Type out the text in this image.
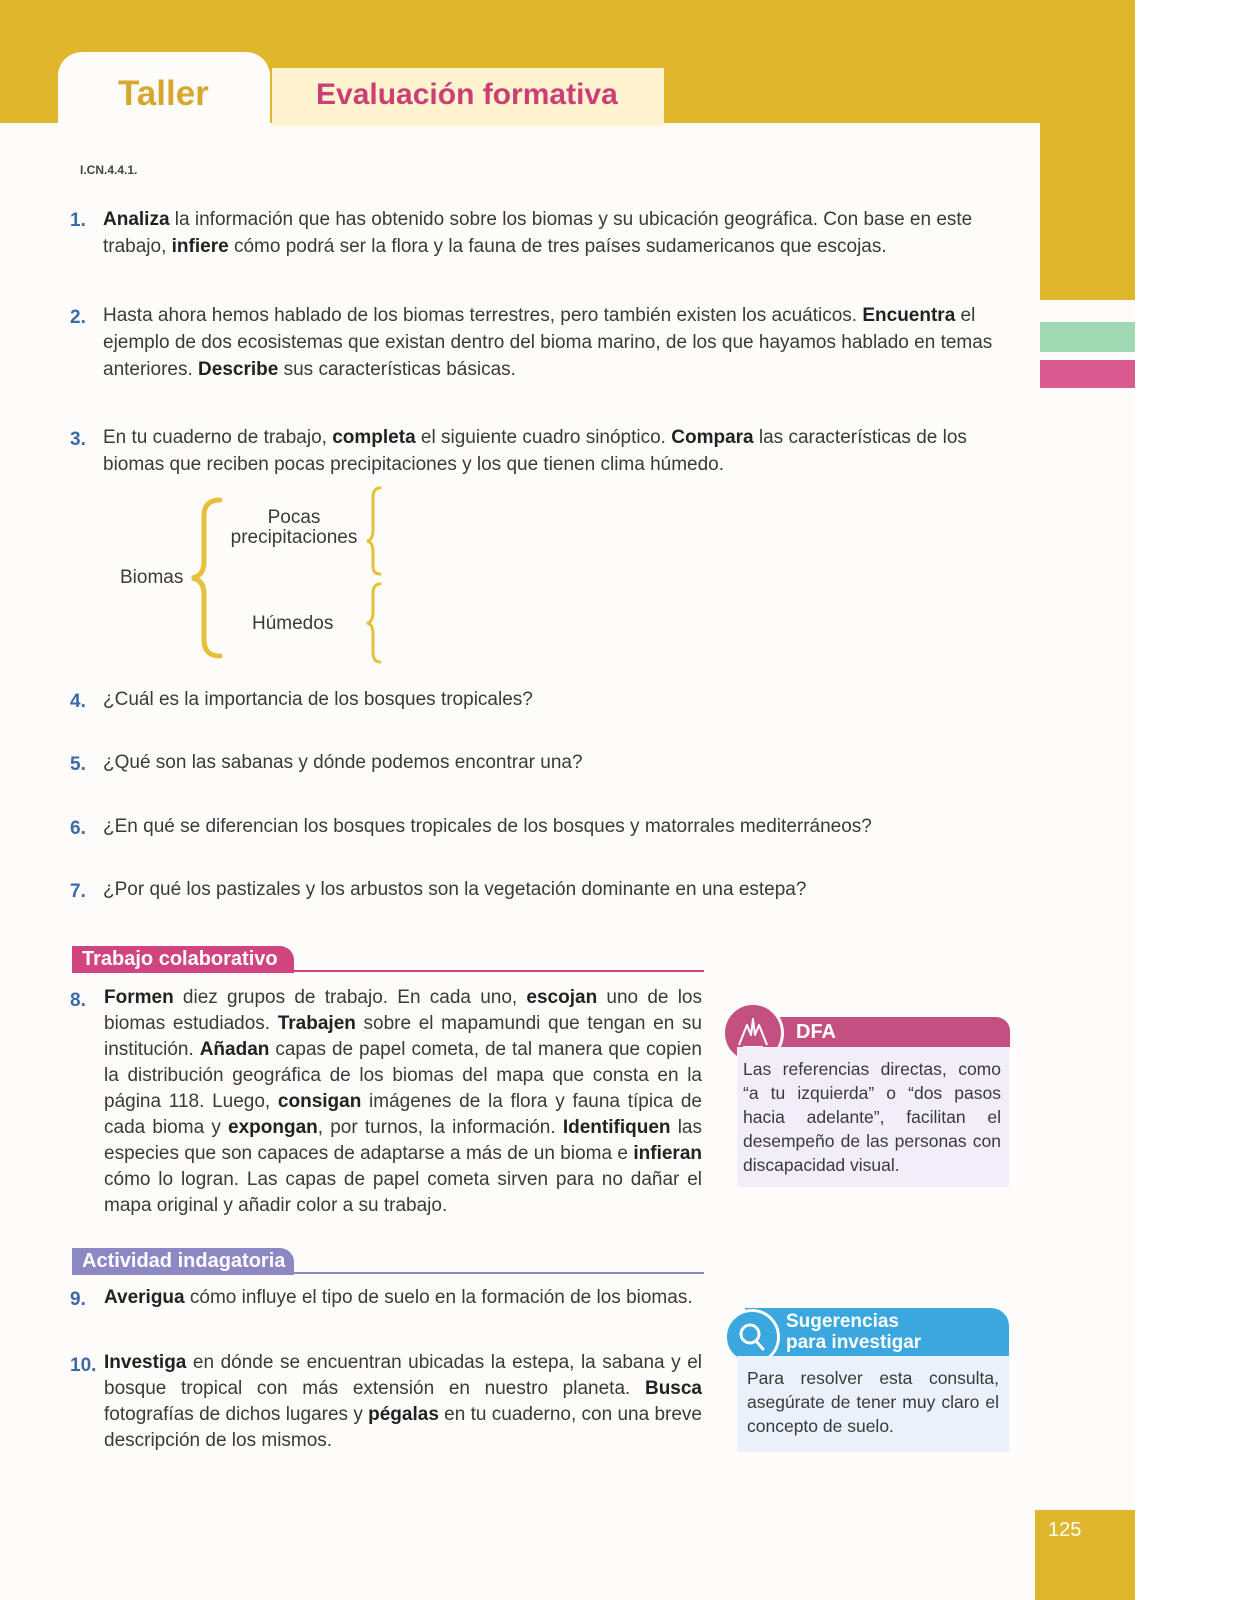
Taller	Evaluación formativa
I.CN.4.4.1.
1. Analiza la información que has obtenido sobre los biomas y su ubicación geográfica. Con base en este trabajo, infiere cómo podrá ser la flora y la fauna de tres países sudamericanos que escojas.
2. Hasta ahora hemos hablado de los biomas terrestres, pero también existen los acuáticos. Encuentra el ejemplo de dos ecosistemas que existan dentro del bioma marino, de los que hayamos hablado en temas anteriores. Describe sus características básicas.
3. En tu cuaderno de trabajo, completa el siguiente cuadro sinóptico. Compara las características de los biomas que reciben pocas precipitaciones y los que tienen clima húmedo.
Biomas
Pocas
precipitaciones
Húmedos
4. ¿Cuál es la importancia de los bosques tropicales?
5. ¿Qué son las sabanas y dónde podemos encontrar una?
6. ¿En qué se diferencian los bosques tropicales de los bosques y matorrales mediterráneos?
7. ¿Por qué los pastizales y los arbustos son la vegetación dominante en una estepa?
Trabajo colaborativo
8. Formen diez grupos de trabajo. En cada uno, escojan uno de los biomas estudiados. Trabajen sobre el mapamundi que tengan en su institución. Añadan capas de papel cometa, de tal manera que copien la distribución geográfica de los biomas del mapa que consta en la página 118. Luego, consigan imágenes de la flora y fauna típica de cada bioma y expongan, por turnos, la información. Identifiquen las especies que son capaces de adaptarse a más de un bioma e infieran cómo lo logran. Las capas de papel cometa sirven para no dañar el mapa original y añadir color a su trabajo.
Actividad indagatoria
9. Averigua cómo influye el tipo de suelo en la formación de los biomas.
10. Investiga en dónde se encuentran ubicadas la estepa, la sabana y el bosque tropical con más extensión en nuestro planeta. Busca fotografías de dichos lugares y pégalas en tu cuaderno, con una breve descripción de los mismos.
DFA
Las referencias directas, como “a tu izquierda” o “dos pasos hacia adelante”, facilitan el desempeño de las personas con discapacidad visual.
Sugerencias
para investigar
Para resolver esta consulta, asegúrate de tener muy claro el concepto de suelo.
125
